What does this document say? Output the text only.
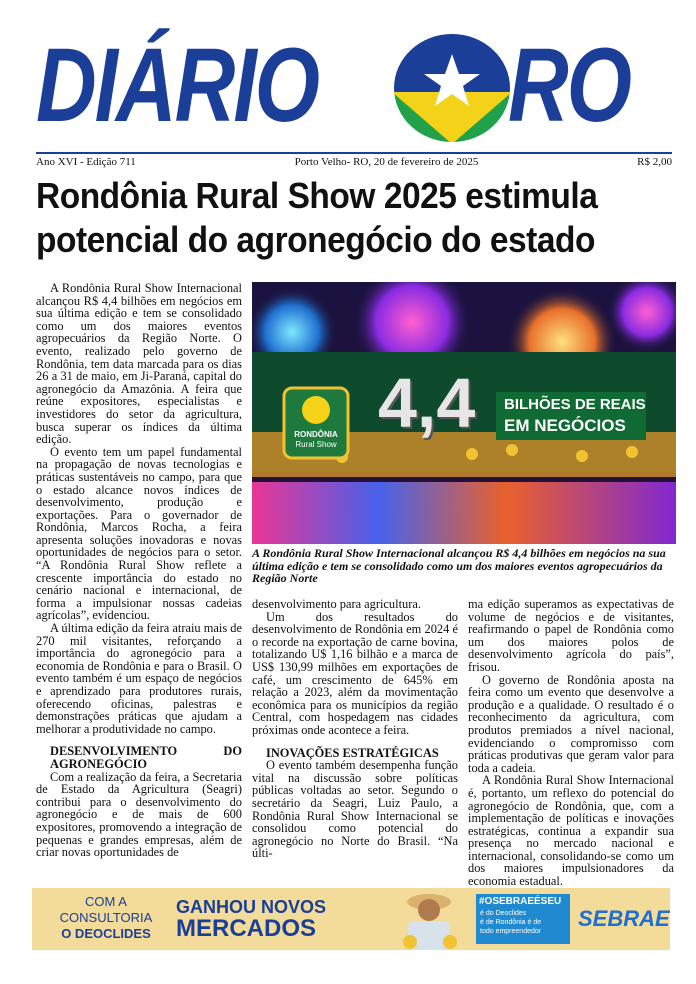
DIÁRIO RO
Ano XVI - Edição 711	Porto Velho- RO, 20 de fevereiro de 2025	R$ 2,00
Rondônia Rural Show 2025 estimula
potencial do agronegócio do estado

A Rondônia Rural Show Internacional alcançou R$ 4,4 bilhões em negócios em sua última edição e tem se consolidado como um dos maiores eventos agropecuários da Região Norte. O evento, realizado pelo governo de Rondônia, tem data marcada para os dias 26 a 31 de maio, em Ji-Paraná, capital do agronegócio da Amazônia. A feira que reúne expositores, especialistas e investidores do setor da agricultura, busca superar os índices da última edição.

O evento tem um papel fundamental na propagação de novas tecnologias e práticas sustentáveis no campo, para que o estado alcance novos índices de desenvolvimento, produção e exportações. Para o governador de Rondônia, Marcos Rocha, a feira apresenta soluções inovadoras e novas oportunidades de negócios para o setor. “A Rondônia Rural Show reflete a crescente importância do estado no cenário nacional e internacional, de forma a impulsionar nossas cadeias agrícolas”, evidenciou.

A última edição da feira atraiu mais de 270 mil visitantes, reforçando a importância do agronegócio para a economia de Rondônia e para o Brasil. O evento também é um espaço de negócios e aprendizado para produtores rurais, oferecendo oficinas, palestras e demonstrações práticas que ajudam a melhorar a produtividade no campo.

DESENVOLVIMENTO DO AGRONEGÓCIO

Com a realização da feira, a Secretaria de Estado da Agricultura (Seagri) contribui para o desenvolvimento do agronegócio e de mais de 600 expositores, promovendo a integração de pequenas e grandes empresas, além de criar novas oportunidades de

RONDÔNIA
Rural Show
4,4 BILHÕES DE REAIS
EM NEGÓCIOS
A Rondônia Rural Show Internacional alcançou R$ 4,4 bilhões em negócios na sua última edição e tem se consolidado como um dos maiores eventos agropecuários da Região Norte

desenvolvimento para agricultura.

Um dos resultados do desenvolvimento de Rondônia em 2024 é o recorde na exportação de carne bovina, totalizando U$ 1,16 bilhão e a marca de US$ 130,99 milhões em exportações de café, um crescimento de 645% em relação a 2023, além da movimentação econômica para os municípios da região Central, com hospedagem nas cidades próximas onde acontece a feira.

INOVAÇÕES ESTRATÉGICAS

O evento também desempenha função vital na discussão sobre políticas públicas voltadas ao setor. Segundo o secretário da Seagri, Luiz Paulo, a Rondônia Rural Show Internacional se consolidou como potencial do agronegócio no Norte do Brasil. “Na últi-

ma edição superamos as expectativas de volume de negócios e de visitantes, reafirmando o papel de Rondônia como um dos maiores polos de desenvolvimento agrícola do país”, frisou.

O governo de Rondônia aposta na feira como um evento que desenvolve a produção e a qualidade. O resultado é o reconhecimento da agricultura, com produtos premiados a nível nacional, evidenciando o compromisso com práticas produtivas que geram valor para toda a cadeia.

A Rondônia Rural Show Internacional é, portanto, um reflexo do potencial do agronegócio de Rondônia, que, com a implementação de políticas e inovações estratégicas, continua a expandir sua presença no mercado nacional e internacional, consolidando-se como um dos maiores impulsionadores da economia estadual.

COM A
CONSULTORIA
O DEOCLIDES
GANHOU NOVOS
MERCADOS
#OSEBRAEÉSEU
é do Deoclides
é de Rondônia é de
todo empreendedor
SEBRAE
